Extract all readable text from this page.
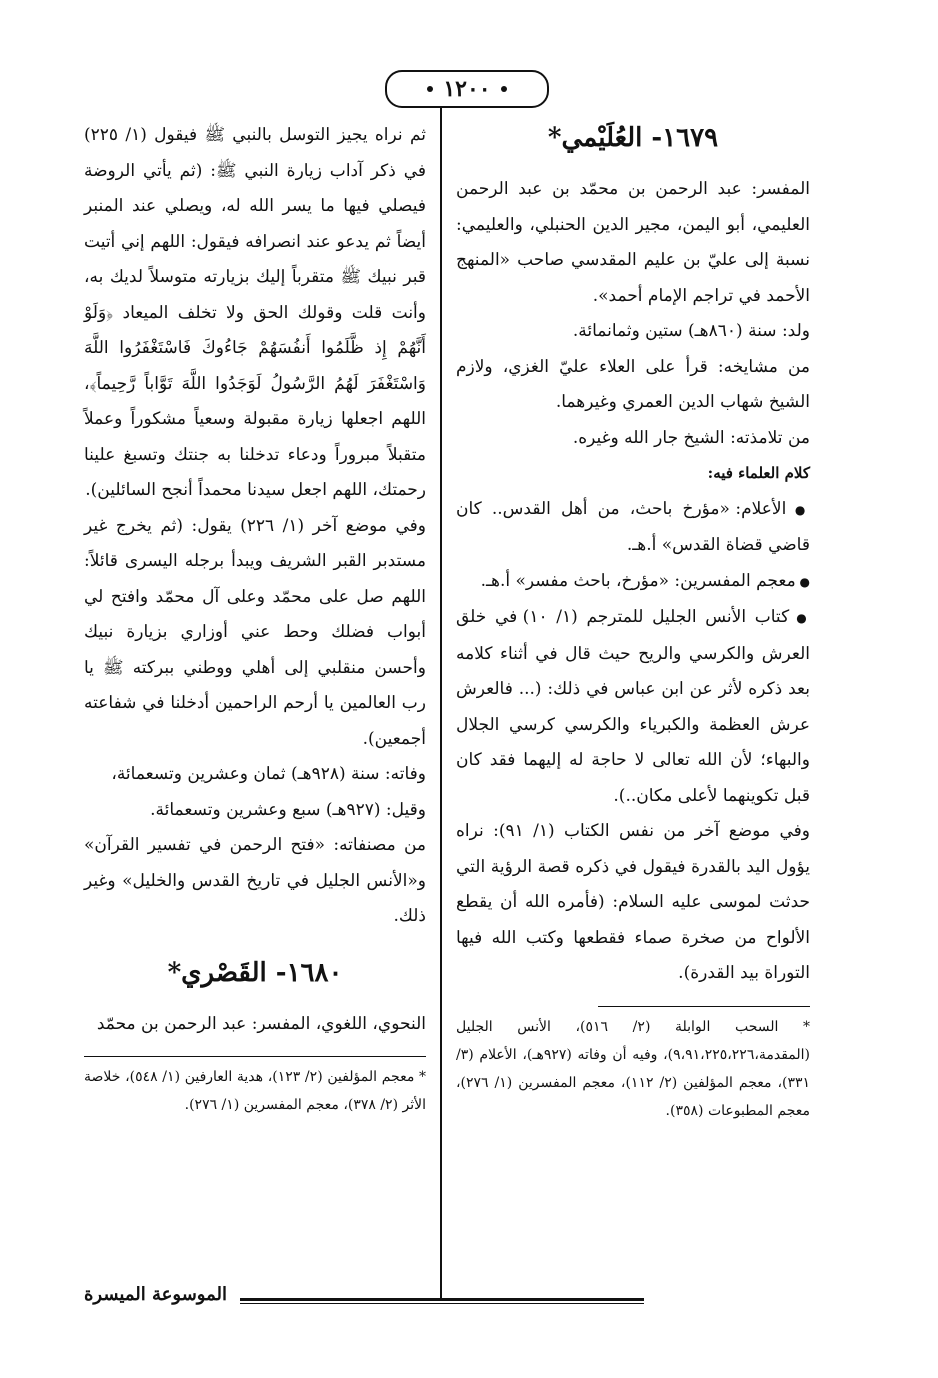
١٢٠٠
١٦٧٩- العُلَيْمي*

المفسر: عبد الرحمن بن محمّد بن عبد الرحمن العليمي، أبو اليمن، مجير الدين الحنبلي، والعليمي: نسبة إلى عليّ بن عليم المقدسي صاحب «المنهج الأحمد في تراجم الإمام أحمد».

ولد: سنة (٨٦٠هـ) ستين وثمانمائة.

من مشايخه: قرأ على العلاء عليّ الغزي، ولازم الشيخ شهاب الدين العمري وغيرهما.

من تلامذته: الشيخ جار الله وغيره.

كلام العلماء فيه:

● الأعلام: «مؤرخ باحث، من أهل القدس.. كان قاضي قضاة القدس» أ.هـ.

● معجم المفسرين: «مؤرخ، باحث مفسر» أ.هـ.

● كتاب الأنس الجليل للمترجم (١/ ١٠) في خلق العرش والكرسي والريح حيث قال في أثناء كلامه بعد ذكره لأثر عن ابن عباس في ذلك: (... فالعرش عرش العظمة والكبرياء والكرسي كرسي الجلال والبهاء؛ لأن الله تعالى لا حاجة له إليهما فقد كان قبل تكوينهما لأعلى مكان..).

وفي موضع آخر من نفس الكتاب (١/ ٩١): نراه يؤول اليد بالقدرة فيقول في ذكره قصة الرؤية التي حدثت لموسى عليه السلام: (فأمره الله أن يقطع الألواح من صخرة صماء فقطعها وكتب الله فيها التوراة بيد القدرة).

* السحب الوابلة (٢/ ٥١٦)، الأنس الجليل (المقدمة،٩،٩١،٢٢٥،٢٢٦)، وفيه أن وفاته (٩٢٧هـ)، الأعلام (٣/ ٣٣١)، معجم المؤلفين (٢/ ١١٢)، معجم المفسرين (١/ ٢٧٦)، معجم المطبوعات (٣٥٨).

ثم نراه يجيز التوسل بالنبي ﷺ فيقول (١/ ٢٢٥) في ذكر آداب زيارة النبي ﷺ: (ثم يأتي الروضة فيصلي فيها ما يسر الله له، ويصلي عند المنبر أيضاً ثم يدعو عند انصرافه فيقول: اللهم إني أتيت قبر نبيك ﷺ متقرباً إليك بزيارته متوسلاً لديك به، وأنت قلت وقولك الحق ولا تخلف الميعاد ﴿وَلَوْ أَنَّهُمْ إِذ ظَّلَمُوا أَنفُسَهُمْ جَاءُوكَ فَاسْتَغْفَرُوا اللَّهَ وَاسْتَغْفَرَ لَهُمُ الرَّسُولُ لَوَجَدُوا اللَّهَ تَوَّاباً رَّحِيماً﴾، اللهم اجعلها زيارة مقبولة وسعياً مشكوراً وعملاً متقبلاً مبروراً ودعاء تدخلنا به جنتك وتسبغ علينا رحمتك، اللهم اجعل سيدنا محمداً أنجح السائلين).

وفي موضع آخر (١/ ٢٢٦) يقول: (ثم يخرج غير مستدبر القبر الشريف ويبدأ برجله اليسرى قائلاً: اللهم صل على محمّد وعلى آل محمّد وافتح لي أبواب فضلك وحط عني أوزاري بزيارة نبيك وأحسن منقلبي إلى أهلي ووطني ببركته ﷺ يا رب العالمين يا أرحم الراحمين أدخلنا في شفاعته أجمعين).

وفاته: سنة (٩٢٨هـ) ثمان وعشرين وتسعمائة،

وقيل: (٩٢٧هـ) سبع وعشرين وتسعمائة.

من مصنفاته: «فتح الرحمن في تفسير القرآن» و«الأنس الجليل في تاريخ القدس والخليل» وغير ذلك.

١٦٨٠- القَصْري*

النحوي، اللغوي، المفسر: عبد الرحمن بن محمّد

* معجم المؤلفين (٢/ ١٢٣)، هدية العارفين (١/ ٥٤٨)، خلاصة الأثر (٢/ ٣٧٨)، معجم المفسرين (١/ ٢٧٦).

الموسوعة الميسرة
